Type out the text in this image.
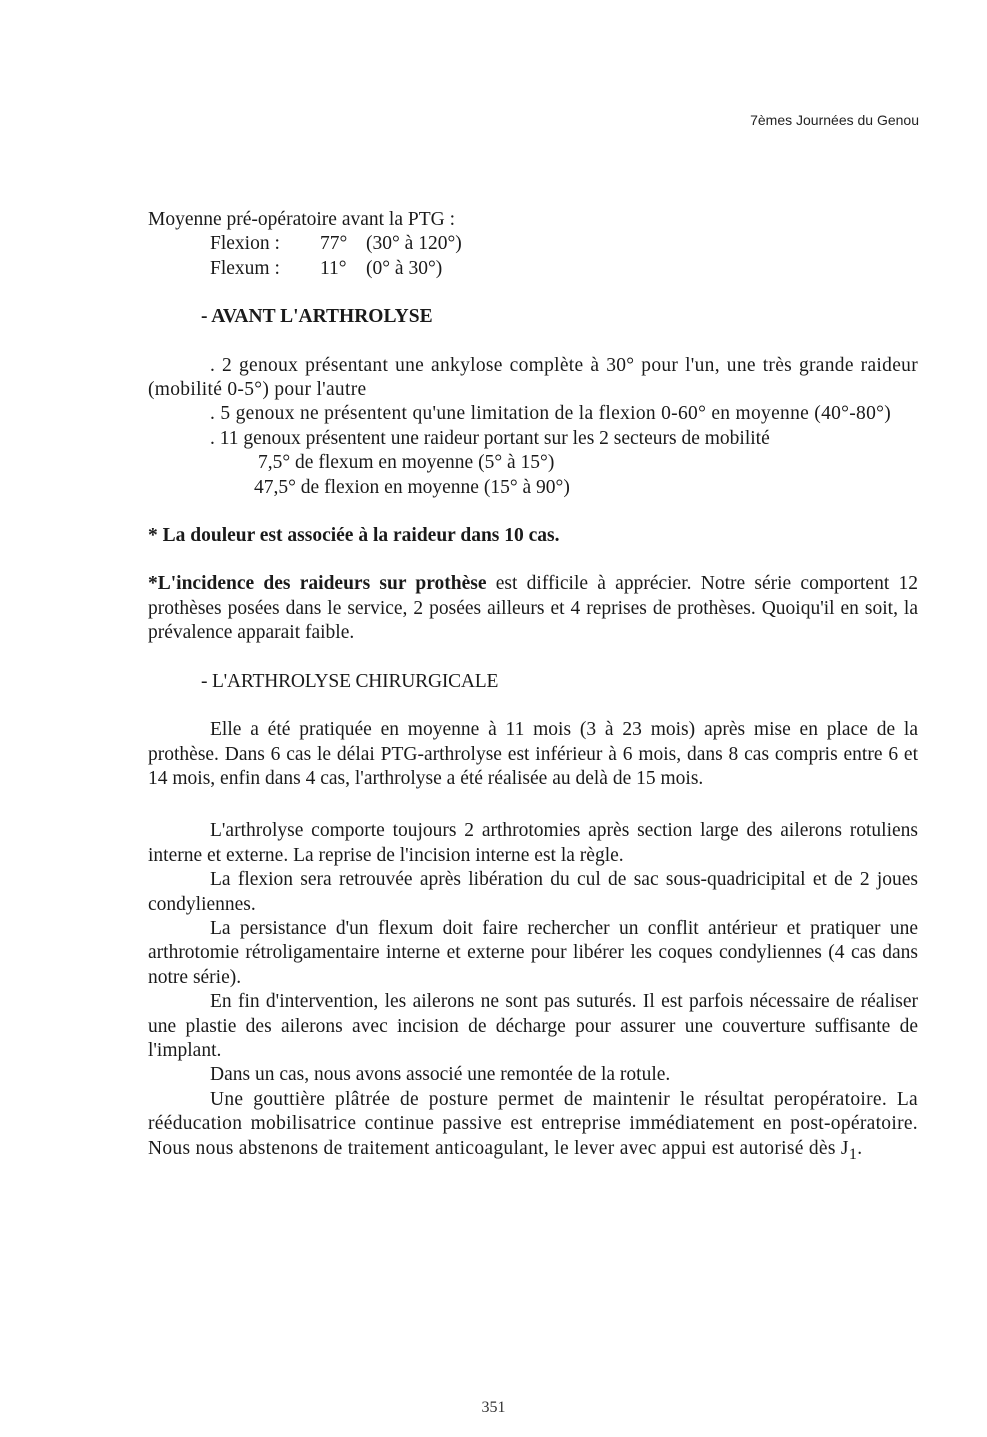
7èmes Journées du Genou

Moyenne pré-opératoire avant la PTG :

Flexion :	77° (30° à 120°)
Flexum :	11° (0° à 30°)

- AVANT L'ARTHROLYSE

. 2 genoux présentant une ankylose complète à 30° pour l'un, une très grande raideur (mobilité 0-5°) pour l'autre

. 5 genoux ne présentent qu'une limitation de la flexion 0-60° en moyenne (40°-80°)

. 11 genoux présentent une raideur portant sur les 2 secteurs de mobilité

7,5° de flexum en moyenne (5° à 15°)

47,5° de flexion en moyenne (15° à 90°)

* La douleur est associée à la raideur dans 10 cas.

*L'incidence des raideurs sur prothèse est difficile à apprécier. Notre série comportent 12 prothèses posées dans le service, 2 posées ailleurs et 4 reprises de prothèses. Quoiqu'il en soit, la prévalence apparait faible.

- L'ARTHROLYSE CHIRURGICALE

Elle a été pratiquée en moyenne à 11 mois (3 à 23 mois) après mise en place de la prothèse. Dans 6 cas le délai PTG-arthrolyse est inférieur à 6 mois, dans 8 cas compris entre 6 et 14 mois, enfin dans 4 cas, l'arthrolyse a été réalisée au delà de 15 mois.

L'arthrolyse comporte toujours 2 arthrotomies après section large des ailerons rotuliens interne et externe. La reprise de l'incision interne est la règle.

La flexion sera retrouvée après libération du cul de sac sous-quadricipital et de 2 joues condyliennes.

La persistance d'un flexum doit faire rechercher un conflit antérieur et pratiquer une arthrotomie rétroligamentaire interne et externe pour libérer les coques condyliennes (4 cas dans notre série).

En fin d'intervention, les ailerons ne sont pas suturés. Il est parfois nécessaire de réaliser une plastie des ailerons avec incision de décharge pour assurer une couverture suffisante de l'implant.

Dans un cas, nous avons associé une remontée de la rotule.

Une gouttière plâtrée de posture permet de maintenir le résultat peropératoire. La rééducation mobilisatrice continue passive est entreprise immédiatement en post-opératoire. Nous nous abstenons de traitement anticoagulant, le lever avec appui est autorisé dès $J_1$.

351
